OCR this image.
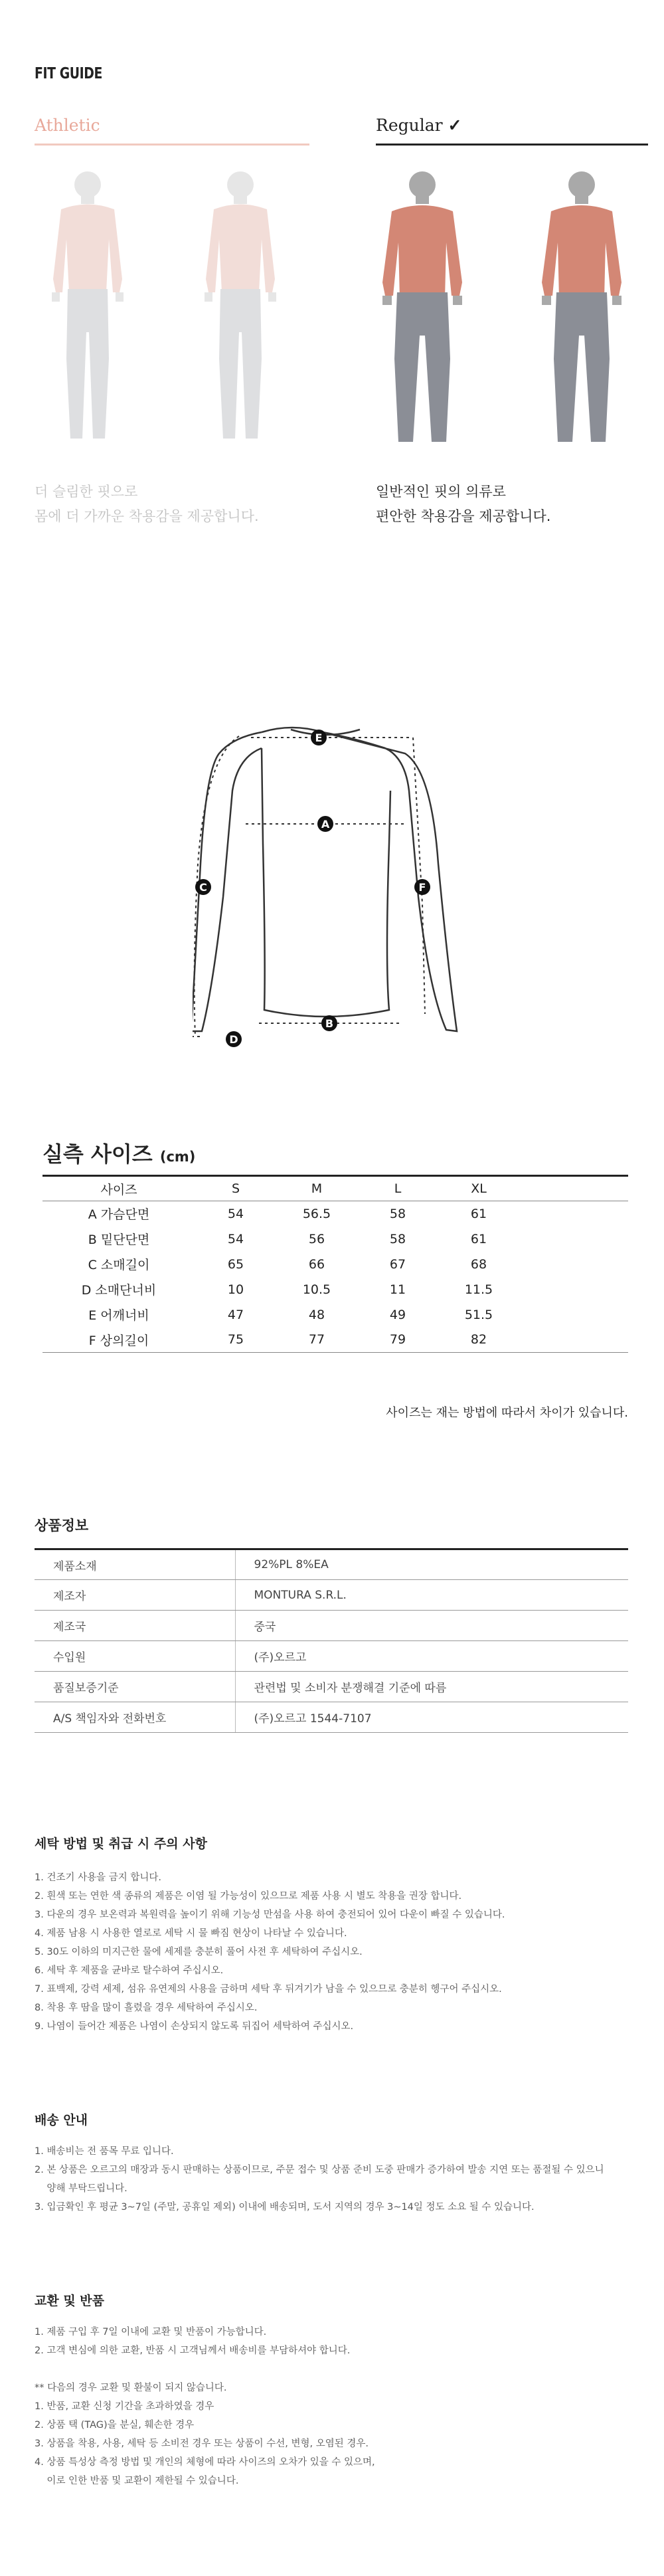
FIT GUIDE
Athletic	Regular ✓
더 슬림한 핏으로
몸에 더 가까운 착용감을 제공합니다.
일반적인 핏의 의류로
편안한 착용감을 제공합니다.
A
B
C
D
E
F
실측 사이즈 (cm)
사이즈	S	M	L	XL	
A 가슴단면	54	56.5	58	61	
B 밑단단면	54	56	58	61	
C 소매길이	65	66	67	68	
D 소매단너비	10	10.5	11	11.5	
E 어깨너비	47	48	49	51.5	
F 상의길이	75	77	79	82	
사이즈는 재는 방법에 따라서 차이가 있습니다.
상품정보
제품소재	92%PL 8%EA
제조자	MONTURA S.R.L.
제조국	중국
수입원	(주)오르고
품질보증기준	관련법 및 소비자 분쟁해결 기준에 따름
A/S 책임자와 전화번호	(주)오르고 1544-7107
세탁 방법 및 취급 시 주의 사항
1. 건조기 사용을 금지 합니다.
2. 흰색 또는 연한 색 종류의 제품은 이염 될 가능성이 있으므로 제품 사용 시 별도 착용을 권장 합니다.
3. 다운의 경우 보온력과 복원력을 높이기 위해 기능성 만섬을 사용 하여 충전되어 있어 다운이 빠질 수 있습니다.
4. 제품 남용 시 사용한 열로로 세탁 시 물 빠짐 현상이 나타날 수 있습니다.
5. 30도 이하의 미지근한 물에 세제를 충분히 풀어 사전 후 세탁하여 주십시오.
6. 세탁 후 제품을 균바로 탈수하여 주십시오.
7. 표백제, 강력 세제, 섬유 유연제의 사용을 금하며 세탁 후 뒤겨기가 남을 수 있으므로 충분히 헹구어 주십시오.
8. 착용 후 땀을 많이 흘렸을 경우 세탁하여 주십시오.
9. 나염이 들어간 제품은 나염이 손상되지 않도록 뒤집어 세탁하여 주십시오.
배송 안내
1. 배송비는 전 품목 무료 입니다.
2. 본 상품은 오르고의 매장과 동시 판매하는 상품이므로, 주문 접수 및 상품 준비 도중 판매가 증가하여 발송 지연 또는 품절될 수 있으니
양해 부탁드립니다.
3. 입금확인 후 평균 3~7일 (주말, 공휴일 제외) 이내에 배송되며, 도서 지역의 경우 3~14일 정도 소요 될 수 있습니다.
교환 및 반품
1. 제품 구입 후 7일 이내에 교환 및 반품이 가능합니다.
2. 고객 변심에 의한 교환, 반품 시 고객님께서 배송비를 부담하셔야 합니다.
** 다음의 경우 교환 및 환불이 되지 않습니다.
1. 반품, 교환 신청 기간을 초과하였을 경우
2. 상품 택 (TAG)을 분실, 훼손한 경우
3. 상품을 착용, 사용, 세탁 등 소비전 경우 또는 상품이 수선, 변형, 오염된 경우.
4. 상품 특성상 측정 방법 및 개인의 체형에 따라 사이즈의 오차가 있을 수 있으며,
이로 인한 반품 및 교환이 제한될 수 있습니다.
